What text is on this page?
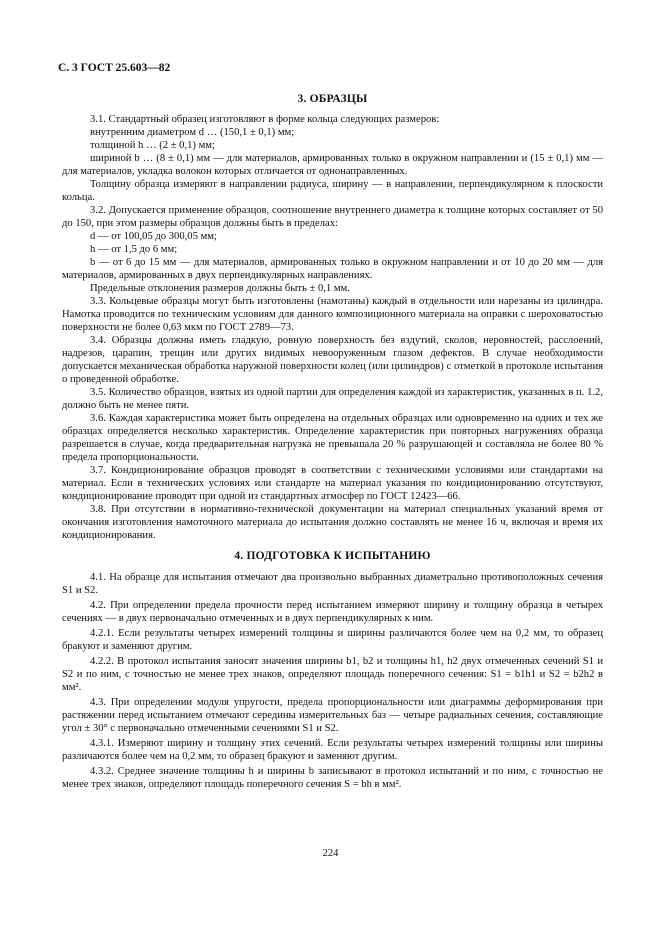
С. 3 ГОСТ 25.603—82
3. ОБРАЗЦЫ

3.1. Стандартный образец изготовляют в форме кольца следующих размеров:

внутренним диаметром d … (150,1 ± 0,1) мм;

толщиной h … (2 ± 0,1) мм;

шириной b … (8 ± 0,1) мм — для материалов, армированных только в окружном направлении и (15 ± 0,1) мм — для материалов, укладка волокон которых отличается от однонаправленных.

Толщину образца измеряют в направлении радиуса, ширину — в направлении, перпендикулярном к плоскости кольца.

3.2. Допускается применение образцов, соотношение внутреннего диаметра к толщине которых составляет от 50 до 150, при этом размеры образцов должны быть в пределах:

d — от 100,05 до 300,05 мм;

h — от 1,5 до 6 мм;

b — от 6 до 15 мм — для материалов, армированных только в окружном направлении и от 10 до 20 мм — для материалов, армированных в двух перпендикулярных направлениях.

Предельные отклонения размеров должны быть ± 0,1 мм.

3.3. Кольцевые образцы могут быть изготовлены (намотаны) каждый в отдельности или нарезаны из цилиндра. Намотка проводится по техническим условиям для данного композиционного материала на оправки с шероховатостью поверхности не более 0,63 мкм по ГОСТ 2789—73.

3.4. Образцы должны иметь гладкую, ровную поверхность без вздутий, сколов, неровностей, расслоений, надрезов, царапин, трещин или других видимых невооруженным глазом дефектов. В случае необходимости допускается механическая обработка наружной поверхности колец (или цилиндров) с отметкой в протоколе испытания о проведенной обработке.

3.5. Количество образцов, взятых из одной партии для определения каждой из характеристик, указанных в п. 1.2, должно быть не менее пяти.

3.6. Каждая характеристика может быть определена на отдельных образцах или одновременно на одних и тех же образцах определяется несколько характеристик. Определение характеристик при повторных нагружениях образца разрешается в случае, когда предварительная нагрузка не превышала 20 % разрушающей и составляла не более 80 % предела пропорциональности.

3.7. Кондиционирование образцов проводят в соответствии с техническими условиями или стандартами на материал. Если в технических условиях или стандарте на материал указания по кондиционированию отсутствуют, кондиционирование проводят при одной из стандартных атмосфер по ГОСТ 12423—66.

3.8. При отсутствии в нормативно-технической документации на материал специальных указаний время от окончания изготовления намоточного материала до испытания должно составлять не менее 16 ч, включая и время их кондиционирования.

4. ПОДГОТОВКА К ИСПЫТАНИЮ

4.1. На образце для испытания отмечают два произвольно выбранных диаметрально противоположных сечения S1 и S2.

4.2. При определении предела прочности перед испытанием измеряют ширину и толщину образца в четырех сечениях — в двух первоначально отмеченных и в двух перпендикулярных к ним.

4.2.1. Если результаты четырех измерений толщины и ширины различаются более чем на 0,2 мм, то образец бракуют и заменяют другим.

4.2.2. В протокол испытания заносят значения ширины b1, b2 и толщины h1, h2 двух отмеченных сечений S1 и S2 и по ним, с точностью не менее трех знаков, определяют площадь поперечного сечения: S1 = b1h1 и S2 = b2h2 в мм².

4.3. При определении модуля упругости, предела пропорциональности или диаграммы деформирования при растяжении перед испытанием отмечают середины измерительных баз — четыре радиальных сечения, составляющие угол ± 30° с первоначально отмеченными сечениями S1 и S2.

4.3.1. Измеряют ширину и толщину этих сечений. Если результаты четырех измерений толщины или ширины различаются более чем на 0,2 мм, то образец бракуют и заменяют другим.

4.3.2. Среднее значение толщины h и ширины b записывают в протокол испытаний и по ним, с точностью не менее трех знаков, определяют площадь поперечного сечения S = bh в мм².

224
